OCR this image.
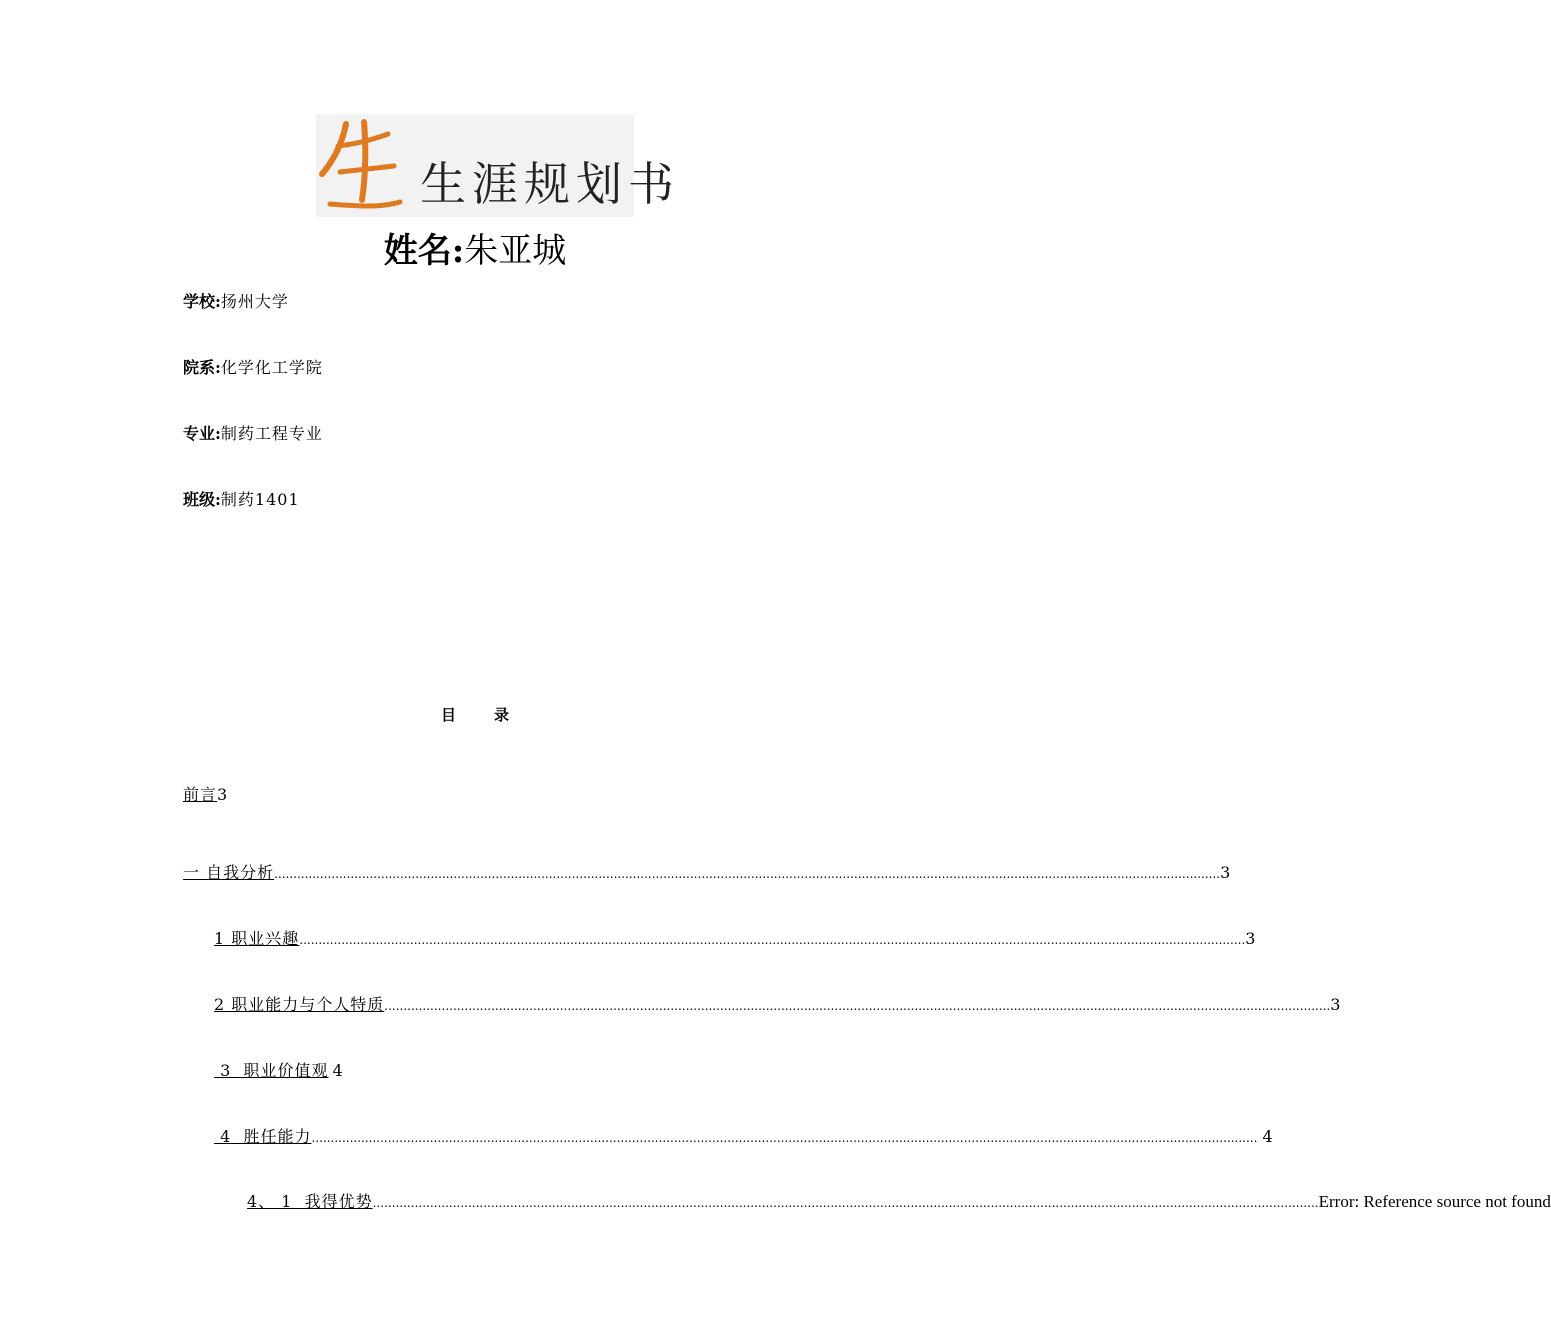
生涯规划书
姓名:朱亚城
学校:扬州大学
院系:化学化工学院
专业:制药工程专业
班级:制药1401
目	录
前言 3
一 自我分析 .....	3
1 职业兴趣 .....	3
2 职业能力与个人特质 .....	3
3  职业价值观 4
4  胜任能力 .....	4
4、 1  我得优势 .....	Error: Reference source not found
